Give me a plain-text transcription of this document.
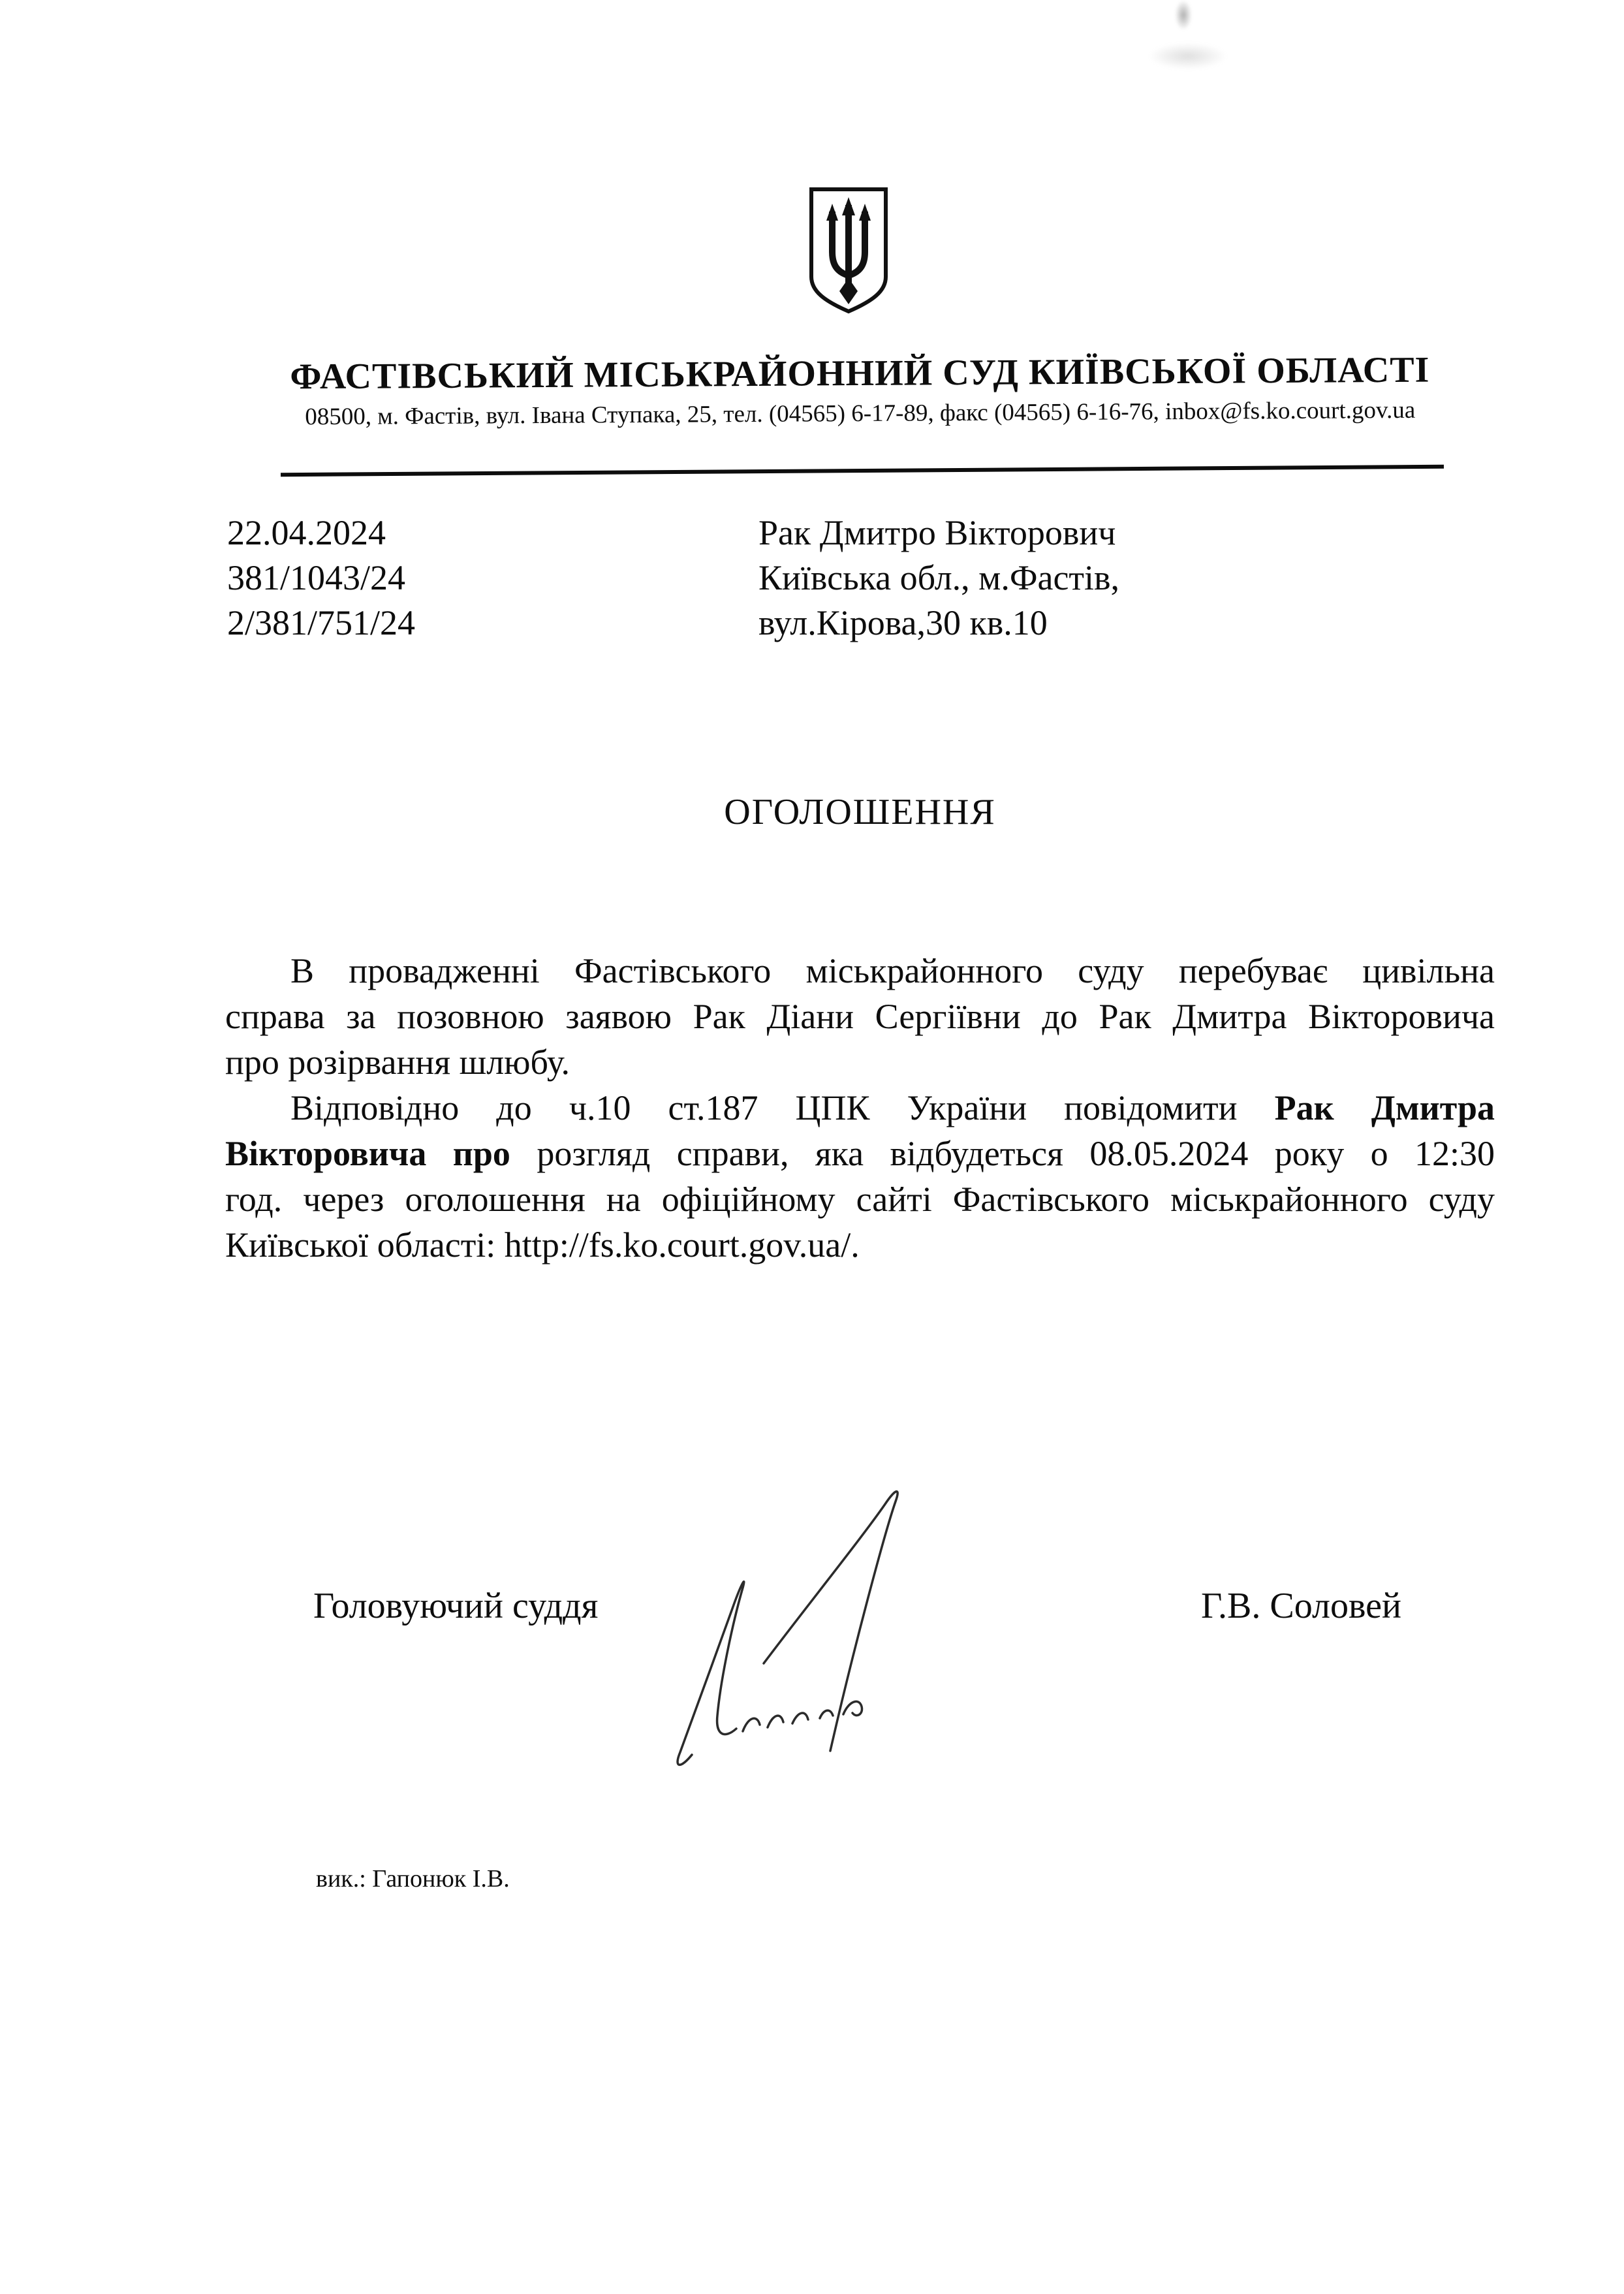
ФАСТІВСЬКИЙ МІСЬКРАЙОННИЙ СУД КИЇВСЬКОЇ ОБЛАСТІ
08500, м. Фастів, вул. Івана Ступака, 25, тел. (04565) 6-17-89, факс (04565) 6-16-76, inbox@fs.ko.court.gov.ua
22.04.2024
381/1043/24
2/381/751/24
Рак Дмитро Вікторович
Київська обл., м.Фастів,
вул.Кірова,30 кв.10
ОГОЛОШЕННЯ
В провадженні Фастівського міськрайонного суду перебуває цивільна
справа за позовною заявою Рак Діани Сергіївни до Рак Дмитра Вікторовича
про розірвання шлюбу.
Відповідно до ч.10 ст.187 ЦПК України повідомити Рак Дмитра
Вікторовича про розгляд справи, яка відбудеться 08.05.2024 року о 12:30
год. через оголошення на офіційному сайті Фастівського міськрайонного суду
Київської області: http://fs.ko.court.gov.ua/.
Головуючий суддя	Г.В. Соловей
вик.: Гапонюк І.В.
